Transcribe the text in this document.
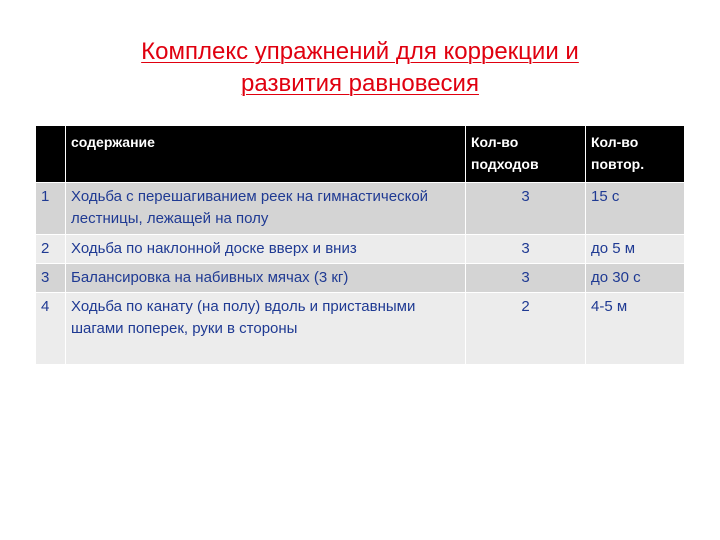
Комплекс упражнений для коррекции и
развития равновесия
	содержание	Кол-во подходов	Кол-во повтор.
1	Ходьба с перешагиванием реек на гимнастической лестницы, лежащей на полу	3	15 с
2	Ходьба по наклонной доске вверх и вниз	3	до 5 м
3	Балансировка на набивных мячах (3 кг)	3	до 30 с
4	Ходьба по канату (на полу) вдоль и приставными шагами поперек, руки в стороны	2	4-5 м
